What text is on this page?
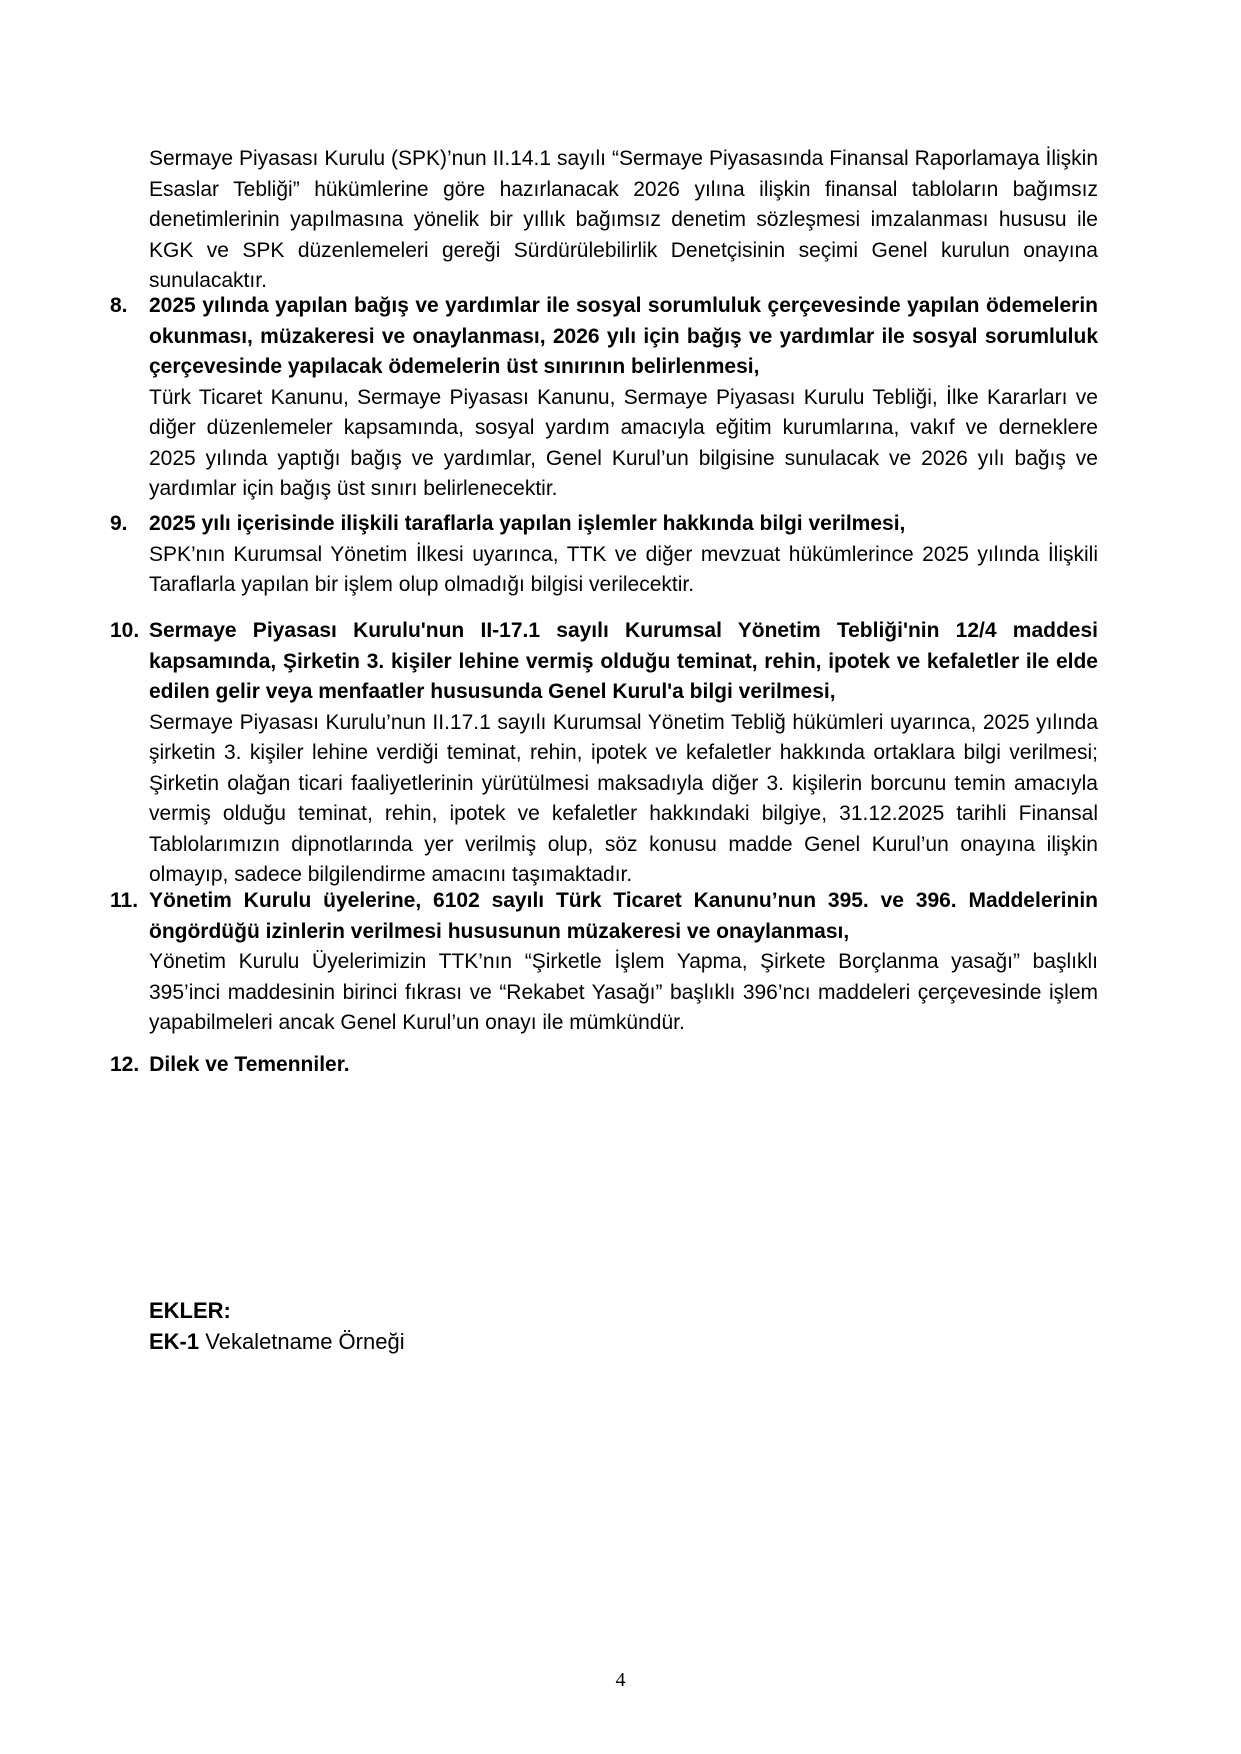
Sermaye Piyasası Kurulu (SPK)’nun II.14.1 sayılı “Sermaye Piyasasında Finansal Raporlamaya İlişkin Esaslar Tebliği” hükümlerine göre hazırlanacak 2026 yılına ilişkin finansal tabloların bağımsız denetimlerinin yapılmasına yönelik bir yıllık bağımsız denetim sözleşmesi imzalanması hususu ile KGK ve SPK düzenlemeleri gereği Sürdürülebilirlik Denetçisinin seçimi Genel kurulun onayına sunulacaktır.

8. 2025 yılında yapılan bağış ve yardımlar ile sosyal sorumluluk çerçevesinde yapılan ödemelerin okunması, müzakeresi ve onaylanması, 2026 yılı için bağış ve yardımlar ile sosyal sorumluluk çerçevesinde yapılacak ödemelerin üst sınırının belirlenmesi,
Türk Ticaret Kanunu, Sermaye Piyasası Kanunu, Sermaye Piyasası Kurulu Tebliği, İlke Kararları ve diğer düzenlemeler kapsamında, sosyal yardım amacıyla eğitim kurumlarına, vakıf ve derneklere 2025 yılında yaptığı bağış ve yardımlar, Genel Kurul’un bilgisine sunulacak ve 2026 yılı bağış ve yardımlar için bağış üst sınırı belirlenecektir.
9. 2025 yılı içerisinde ilişkili taraflarla yapılan işlemler hakkında bilgi verilmesi,
SPK’nın Kurumsal Yönetim İlkesi uyarınca, TTK ve diğer mevzuat hükümlerince 2025 yılında İlişkili Taraflarla yapılan bir işlem olup olmadığı bilgisi verilecektir.
10. Sermaye Piyasası Kurulu'nun II-17.1 sayılı Kurumsal Yönetim Tebliği'nin 12/4 maddesi kapsamında, Şirketin 3. kişiler lehine vermiş olduğu teminat, rehin, ipotek ve kefaletler ile elde edilen gelir veya menfaatler hususunda Genel Kurul'a bilgi verilmesi,
Sermaye Piyasası Kurulu’nun II.17.1 sayılı Kurumsal Yönetim Tebliğ hükümleri uyarınca, 2025 yılında şirketin 3. kişiler lehine verdiği teminat, rehin, ipotek ve kefaletler hakkında ortaklara bilgi verilmesi; Şirketin olağan ticari faaliyetlerinin yürütülmesi maksadıyla diğer 3. kişilerin borcunu temin amacıyla vermiş olduğu teminat, rehin, ipotek ve kefaletler hakkındaki bilgiye, 31.12.2025 tarihli Finansal Tablolarımızın dipnotlarında yer verilmiş olup, söz konusu madde Genel Kurul’un onayına ilişkin olmayıp, sadece bilgilendirme amacını taşımaktadır.
11. Yönetim Kurulu üyelerine, 6102 sayılı Türk Ticaret Kanunu’nun 395. ve 396. Maddelerinin öngördüğü izinlerin verilmesi hususunun müzakeresi ve onaylanması,
Yönetim Kurulu Üyelerimizin TTK’nın “Şirketle İşlem Yapma, Şirkete Borçlanma yasağı” başlıklı 395’inci maddesinin birinci fıkrası ve “Rekabet Yasağı” başlıklı 396’ncı maddeleri çerçevesinde işlem yapabilmeleri ancak Genel Kurul’un onayı ile mümkündür.

12. Dilek ve Temenniler.

EKLER:
EK-1 Vekaletname Örneği
4
